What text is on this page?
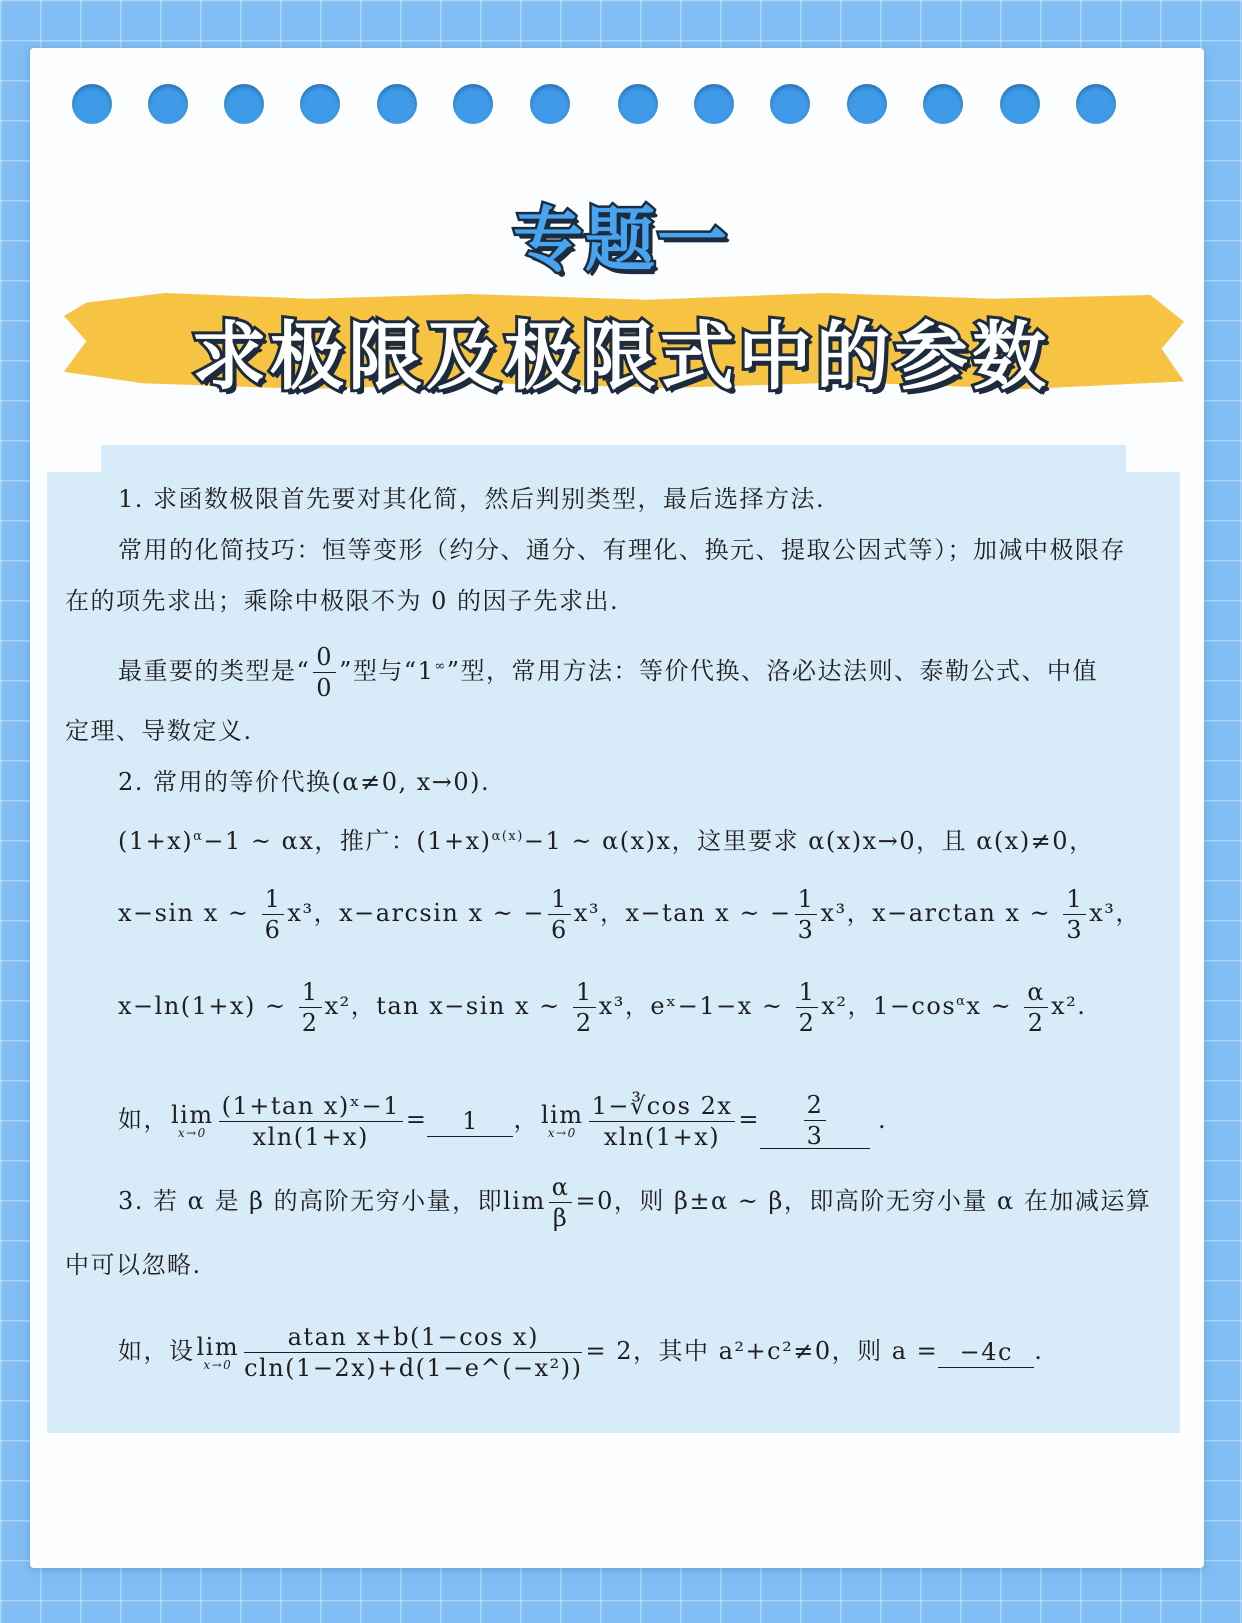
专题一
求极限及极限式中的参数
1. 求函数极限首先要对其化简，然后判别类型，最后选择方法.
常用的化简技巧：恒等变形（约分、通分、有理化、换元、提取公因式等）；加减中极限存
在的项先求出；乘除中极限不为 0 的因子先求出.
最重要的类型是“ $\frac{0}{0}$ ”型与“1∞”型，常用方法：等价代换、洛必达法则、泰勒公式、中值
定理、导数定义.
2. 常用的等价代换(α≠0, x→0).
$(1+x)^\alpha-1$ ~ αx，推广：$(1+x)^{\alpha(x)}-1$ ~ α(x)x，这里要求 α(x)x→0，且 α(x)≠0，
x−sin x ~ $\frac{1}{6} x^3$，x−arcsin x ~ − $\frac{1}{6} x^3$，x−tan x ~ − $\frac{1}{3} x^3$，x−arctan x ~ $\frac{1}{3} x^3$，
x−ln(1+x) ~ $\frac{1}{2} x^2$，tan x−sin x ~ $\frac{1}{2} x^3$，eˣ−1−x ~ $\frac{1}{2} x^2$，$1-\cos^\alpha x$ ~ $\frac{\alpha}{2} x^2$.
如，lim
$x\to 0 \frac{\text{(1+tan x)ˣ−1}}{xln(1+x)} = 1$ ，lim
$x\to 0 \frac{1-∛\cos 2x}{xln(1+x)} = \frac{2}{3}$ .
3. 若 α 是 β 的高阶无穷小量，即$\lim \frac{\alpha}{\beta} =0$，则 β±α ~ β，即高阶无穷小量 α 在加减运算
中可以忽略.
如，设lim
$x\to 0 \frac{\text{atan x+b(1−cos x)}}{\text{cln(1−2x)+d(1−e\textasciicircum{}(−x²))}} = 2$，其中 a²+c²≠0，则 a = −4c .
